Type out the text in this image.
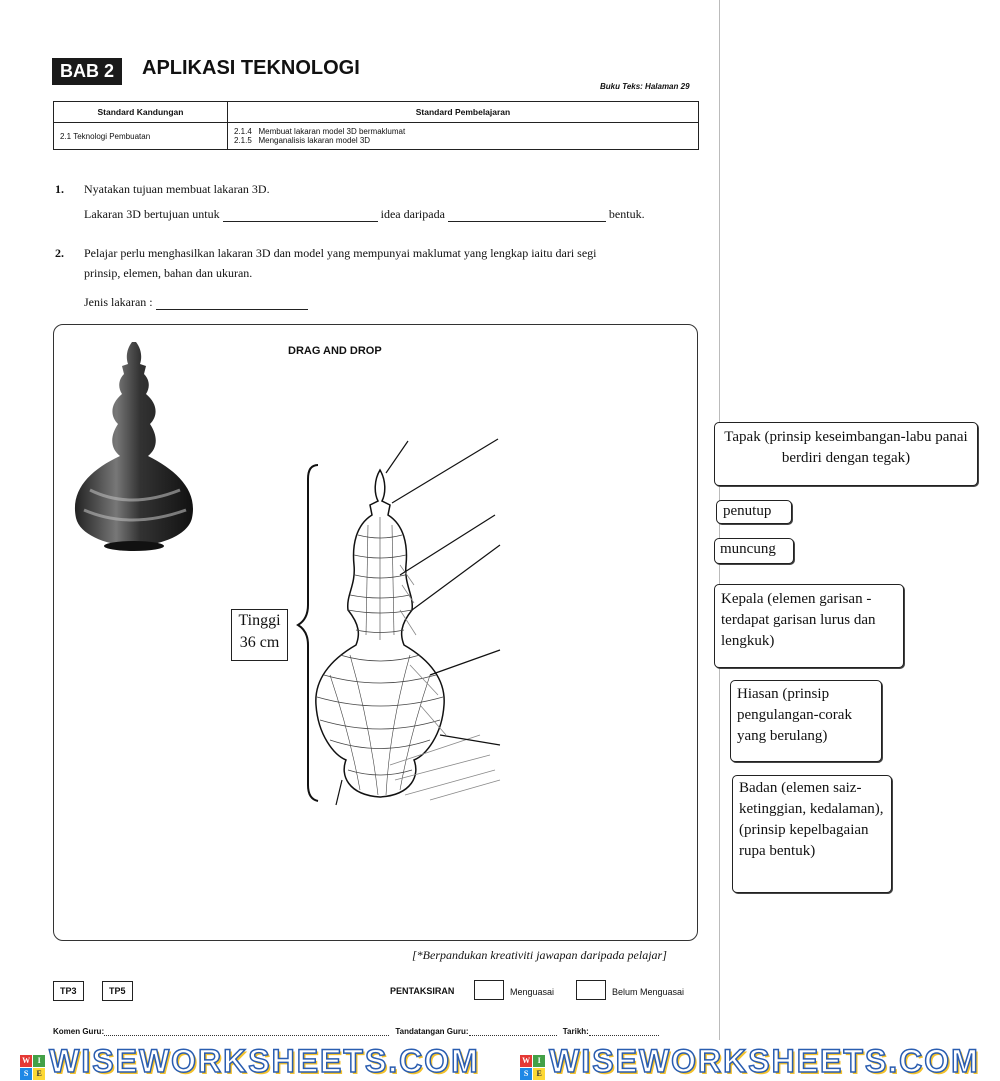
BAB 2	APLIKASI TEKNOLOGI
Buku Teks: Halaman 29
Standard Kandungan	Standard Pembelajaran
2.1 Teknologi Pembuatan	2.1.4 Membuat lakaran model 3D bermaklumat
2.1.5 Menganalisis lakaran model 3D
1. Nyatakan tujuan membuat lakaran 3D.
Lakaran 3D bertujuan untuk	idea daripada	bentuk.
2. Pelajar perlu menghasilkan lakaran 3D dan model yang mempunyai maklumat yang lengkap iaitu dari segi
prinsip, elemen, bahan dan ukuran.
Jenis lakaran :
DRAG AND DROP
Tinggi
36 cm
[*Berpandukan kreativiti jawapan daripada pelajar]
TP3	TP5	PENTAKSIRAN	Menguasai	Belum Menguasai
Komen Guru:	Tandatangan Guru:	Tarikh:
Tapak (prinsip keseimbangan-labu panai berdiri dengan tegak)
penutup
muncung
Kepala (elemen garisan - terdapat garisan lurus dan lengkuk)
Hiasan (prinsip pengulangan-corak yang berulang)
Badan (elemen saiz-ketinggian, kedalaman), (prinsip kepelbagaian rupa bentuk)
W I
S	E WISEWORKSHEETS.COM	W I
S	E WISEWORKSHEETS.COM
